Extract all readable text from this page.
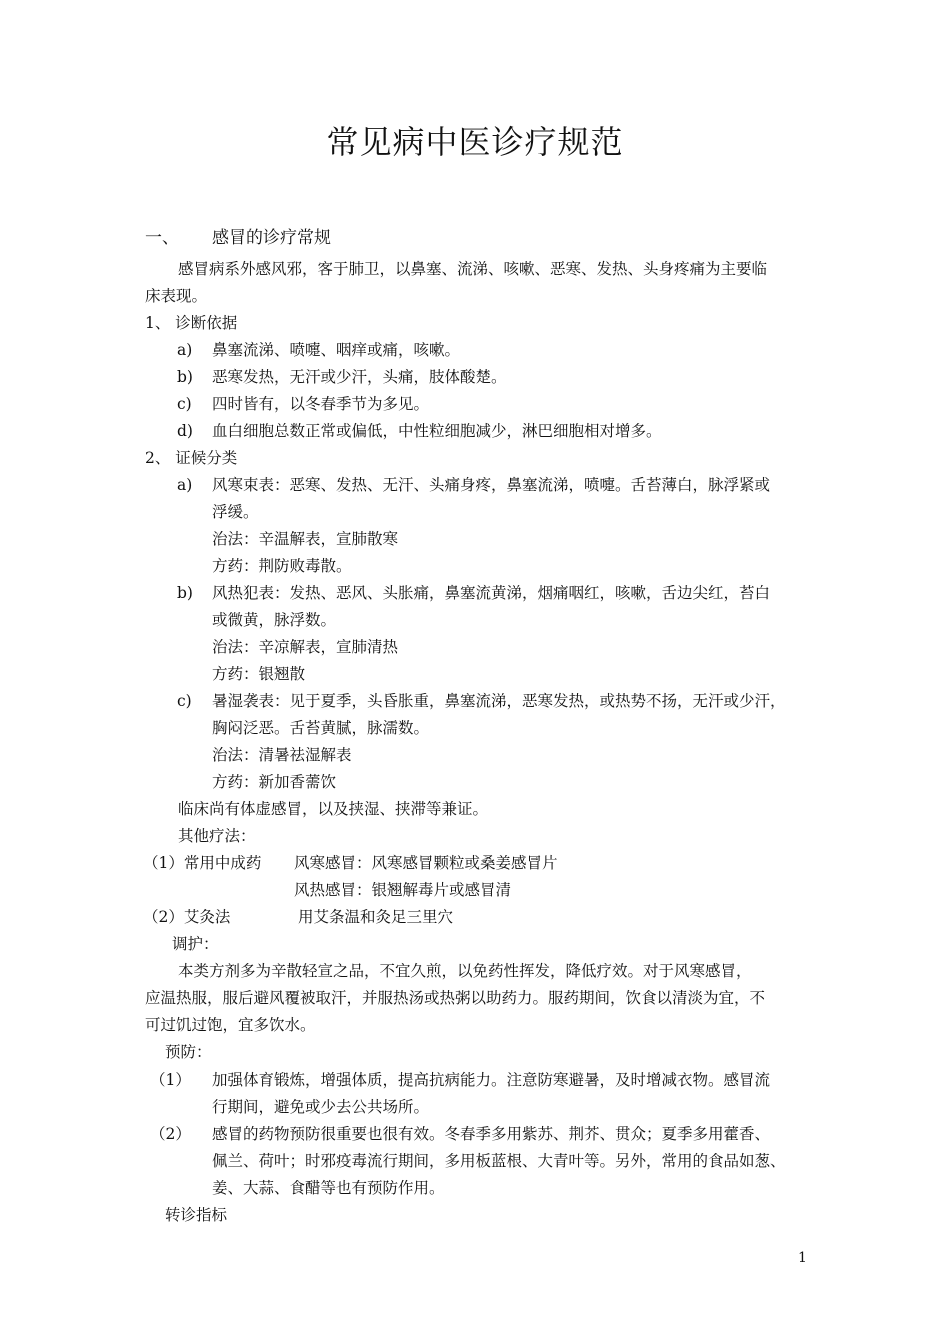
常见病中医诊疗规范
一、 感冒的诊疗常规
感冒病系外感风邪，客于肺卫，以鼻塞、流涕、咳嗽、恶寒、发热、头身疼痛为主要临
床表现。
1、 诊断依据
a) 鼻塞流涕、喷嚏、咽痒或痛，咳嗽。
b) 恶寒发热，无汗或少汗，头痛，肢体酸楚。
c) 四时皆有，以冬春季节为多见。
d) 血白细胞总数正常或偏低，中性粒细胞减少，淋巴细胞相对增多。
2、 证候分类
a) 风寒束表：恶寒、发热、无汗、头痛身疼，鼻塞流涕，喷嚏。舌苔薄白，脉浮紧或
浮缓。
治法：辛温解表，宣肺散寒
方药：荆防败毒散。
b) 风热犯表：发热、恶风、头胀痛，鼻塞流黄涕，烟痛咽红，咳嗽，舌边尖红，苔白
或微黄，脉浮数。
治法：辛凉解表，宣肺清热
方药：银翘散
c) 暑湿袭表：见于夏季，头昏胀重，鼻塞流涕，恶寒发热，或热势不扬，无汗或少汗，
胸闷泛恶。舌苔黄腻，脉濡数。
治法：清暑祛湿解表
方药：新加香薷饮
临床尚有体虚感冒，以及挟湿、挟滞等兼证。
其他疗法：
（1）常用中成药 风寒感冒：风寒感冒颗粒或桑姜感冒片
风热感冒：银翘解毒片或感冒清
（2）艾灸法	用艾条温和灸足三里穴
调护：
本类方剂多为辛散轻宣之品，不宜久煎，以免药性挥发，降低疗效。对于风寒感冒，
应温热服，服后避风覆被取汗，并服热汤或热粥以助药力。服药期间，饮食以清淡为宜，不
可过饥过饱，宜多饮水。
预防：
（1） 加强体育锻炼，增强体质，提高抗病能力。注意防寒避暑，及时增减衣物。感冒流
行期间，避免或少去公共场所。
（2） 感冒的药物预防很重要也很有效。冬春季多用紫苏、荆芥、贯众；夏季多用藿香、
佩兰、荷叶；时邪疫毒流行期间，多用板蓝根、大青叶等。另外，常用的食品如葱、
姜、大蒜、食醋等也有预防作用。
转诊指标
1
